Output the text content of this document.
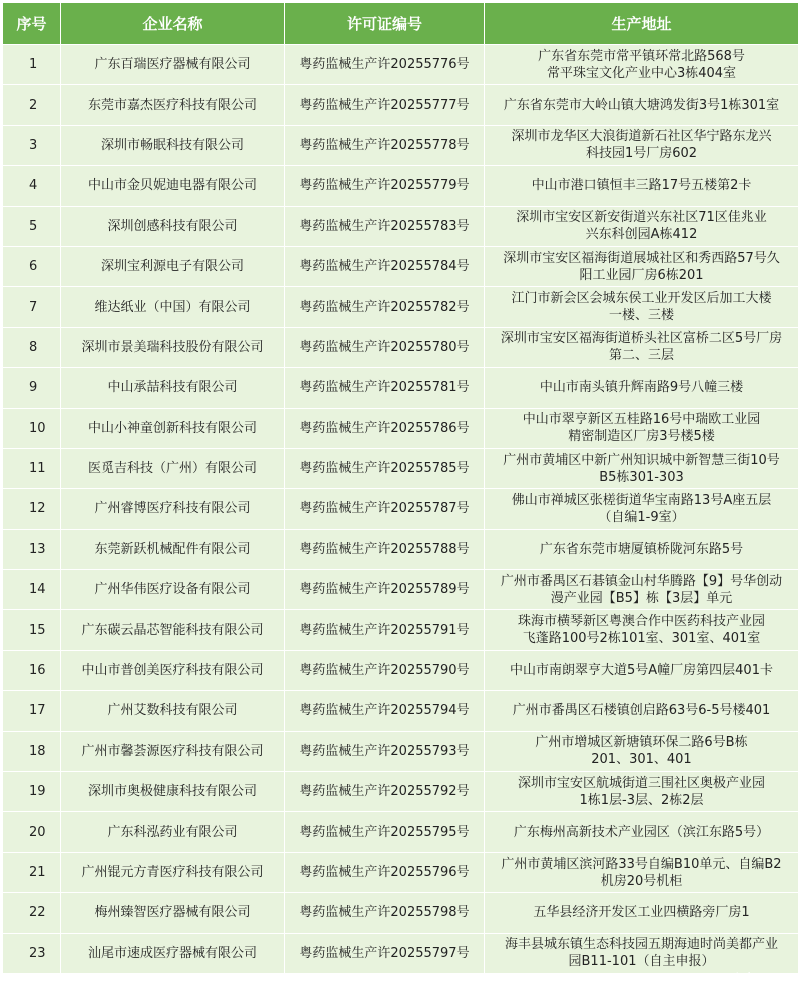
序号	企业名称	许可证编号	生产地址
1	广东百瑞医疗器械有限公司	粤药监械生产许20255776号	广东省东莞市常平镇环常北路568号
常平珠宝文化产业中心3栋404室

2	东莞市嘉杰医疗科技有限公司	粤药监械生产许20255777号	广东省东莞市大岭山镇大塘鸿发街3号1栋301室

3	深圳市畅眠科技有限公司	粤药监械生产许20255778号	深圳市龙华区大浪街道新石社区华宁路东龙兴
科技园1号厂房602

4	中山市金贝妮迪电器有限公司	粤药监械生产许20255779号	中山市港口镇恒丰三路17号五楼第2卡

5	深圳创感科技有限公司	粤药监械生产许20255783号	深圳市宝安区新安街道兴东社区71区佳兆业
兴东科创园A栋412

6	深圳宝利源电子有限公司	粤药监械生产许20255784号	深圳市宝安区福海街道展城社区和秀西路57号久
阳工业园厂房6栋201

7	维达纸业（中国）有限公司	粤药监械生产许20255782号	江门市新会区会城东侯工业开发区后加工大楼
一楼、三楼

8	深圳市景美瑞科技股份有限公司	粤药监械生产许20255780号	深圳市宝安区福海街道桥头社区富桥二区5号厂房
第二、三层

9	中山承喆科技有限公司	粤药监械生产许20255781号	中山市南头镇升辉南路9号八幢三楼

10	中山小神童创新科技有限公司	粤药监械生产许20255786号	中山市翠亨新区五桂路16号中瑞欧工业园
精密制造区厂房3号楼5楼

11	医觅吉科技（广州）有限公司	粤药监械生产许20255785号	广州市黄埔区中新广州知识城中新智慧三街10号
B5栋301-303

12	广州睿博医疗科技有限公司	粤药监械生产许20255787号	佛山市禅城区张槎街道华宝南路13号A座五层
（自编1-9室）

13	东莞新跃机械配件有限公司	粤药监械生产许20255788号	广东省东莞市塘厦镇桥陇河东路5号

14	广州华伟医疗设备有限公司	粤药监械生产许20255789号	广州市番禺区石碁镇金山村华腾路【9】号华创动
漫产业园【B5】栋【3层】单元

15	广东碳云晶芯智能科技有限公司	粤药监械生产许20255791号	珠海市横琴新区粤澳合作中医药科技产业园
飞蓬路100号2栋101室、301室、401室

16	中山市普创美医疗科技有限公司	粤药监械生产许20255790号	中山市南朗翠亨大道5号A幢厂房第四层401卡

17	广州艾数科技有限公司	粤药监械生产许20255794号	广州市番禺区石楼镇创启路63号6-5号楼401

18	广州市馨荟源医疗科技有限公司	粤药监械生产许20255793号	广州市增城区新塘镇环保二路6号B栋
201、301、401

19	深圳市奥极健康科技有限公司	粤药监械生产许20255792号	深圳市宝安区航城街道三围社区奥极产业园
1栋1层-3层、2栋2层

20	广东科泓药业有限公司	粤药监械生产许20255795号	广东梅州高新技术产业园区（滨江东路5号）

21	广州锟元方青医疗科技有限公司	粤药监械生产许20255796号	广州市黄埔区滨河路33号自编B10单元、自编B2
机房20号机柜

22	梅州臻智医疗器械有限公司	粤药监械生产许20255798号	五华县经济开发区工业四横路旁厂房1

23	汕尾市速成医疗器械有限公司	粤药监械生产许20255797号	海丰县城东镇生态科技园五期海迪时尚美都产业
园B11-101（自主申报）
eatskc.com
